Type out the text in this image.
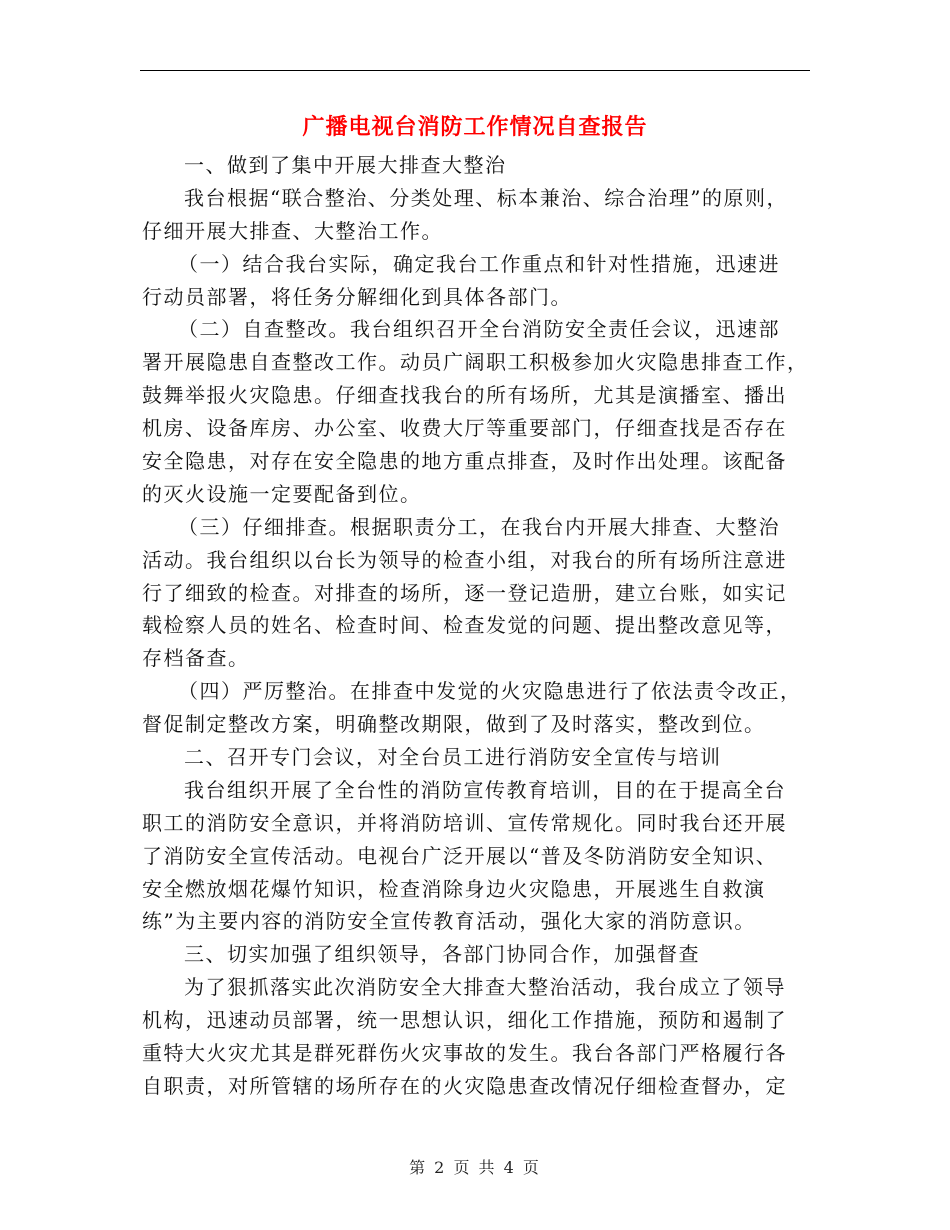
广播电视台消防工作情况自查报告
一、做到了集中开展大排查大整治
我台根据“联合整治、分类处理、标本兼治、综合治理”的原则，
仔细开展大排查、大整治工作。
（一）结合我台实际，确定我台工作重点和针对性措施，迅速进
行动员部署，将任务分解细化到具体各部门。
（二）自查整改。我台组织召开全台消防安全责任会议，迅速部
署开展隐患自查整改工作。动员广阔职工积极参加火灾隐患排查工作，
鼓舞举报火灾隐患。仔细查找我台的所有场所，尤其是演播室、播出
机房、设备库房、办公室、收费大厅等重要部门，仔细查找是否存在
安全隐患，对存在安全隐患的地方重点排查，及时作出处理。该配备
的灭火设施一定要配备到位。
（三）仔细排查。根据职责分工，在我台内开展大排查、大整治
活动。我台组织以台长为领导的检查小组，对我台的所有场所注意进
行了细致的检查。对排查的场所，逐一登记造册，建立台账，如实记
载检察人员的姓名、检查时间、检查发觉的问题、提出整改意见等，
存档备查。
（四）严厉整治。在排查中发觉的火灾隐患进行了依法责令改正，
督促制定整改方案，明确整改期限，做到了及时落实，整改到位。
二、召开专门会议，对全台员工进行消防安全宣传与培训
我台组织开展了全台性的消防宣传教育培训，目的在于提高全台
职工的消防安全意识，并将消防培训、宣传常规化。同时我台还开展
了消防安全宣传活动。电视台广泛开展以“普及冬防消防安全知识、
安全燃放烟花爆竹知识，检查消除身边火灾隐患，开展逃生自救演
练”为主要内容的消防安全宣传教育活动，强化大家的消防意识。
三、切实加强了组织领导，各部门协同合作，加强督查
为了狠抓落实此次消防安全大排查大整治活动，我台成立了领导
机构，迅速动员部署，统一思想认识，细化工作措施，预防和遏制了
重特大火灾尤其是群死群伤火灾事故的发生。我台各部门严格履行各
自职责，对所管辖的场所存在的火灾隐患查改情况仔细检查督办，定
第 2 页 共 4 页
